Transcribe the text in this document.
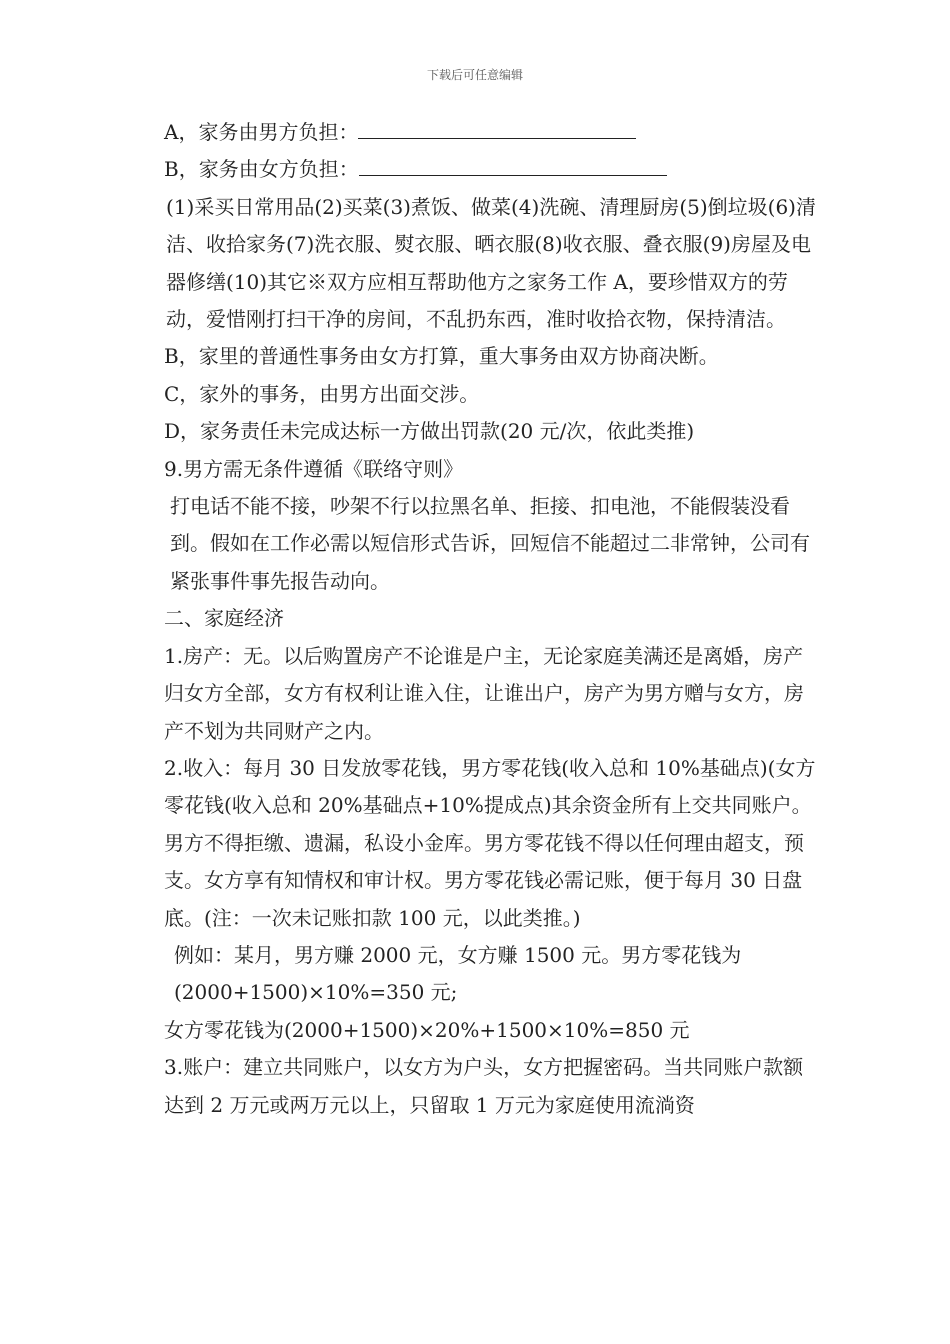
下载后可任意编辑

A，家务由男方负担：

B，家务由女方负担：

(1)采买日常用品(2)买菜(3)煮饭、做菜(4)洗碗、清理厨房(5)倒垃圾(6)清洁、收拾家务(7)洗衣服、熨衣服、晒衣服(8)收衣服、叠衣服(9)房屋及电器修缮(10)其它※双方应相互帮助他方之家务工作 A，要珍惜双方的劳动，爱惜刚打扫干净的房间，不乱扔东西，准时收拾衣物，保持清洁。

B，家里的普通性事务由女方打算，重大事务由双方协商决断。

C，家外的事务，由男方出面交涉。

D，家务责任未完成达标一方做出罚款(20 元/次，依此类推)

9.男方需无条件遵循《联络守则》

打电话不能不接，吵架不行以拉黑名单、拒接、扣电池，不能假装没看到。假如在工作必需以短信形式告诉，回短信不能超过二非常钟，公司有紧张事件事先报告动向。

二、家庭经济

1.房产：无。以后购置房产不论谁是户主，无论家庭美满还是离婚，房产归女方全部，女方有权利让谁入住，让谁出户，房产为男方赠与女方，房产不划为共同财产之内。

2.收入：每月 30 日发放零花钱，男方零花钱(收入总和 10%基础点)(女方零花钱(收入总和 20%基础点+10%提成点)其余资金所有上交共同账户。男方不得拒缴、遗漏，私设小金库。男方零花钱不得以任何理由超支，预支。女方享有知情权和审计权。男方零花钱必需记账，便于每月 30 日盘底。(注：一次未记账扣款 100 元，以此类推。)

例如：某月，男方赚 2000 元，女方赚 1500 元。男方零花钱为(2000+1500)×10%=350 元;

女方零花钱为(2000+1500)×20%+1500×10%=850 元

3.账户：建立共同账户，以女方为户头，女方把握密码。当共同账户款额达到 2 万元或两万元以上，只留取 1 万元为家庭使用流淌资
